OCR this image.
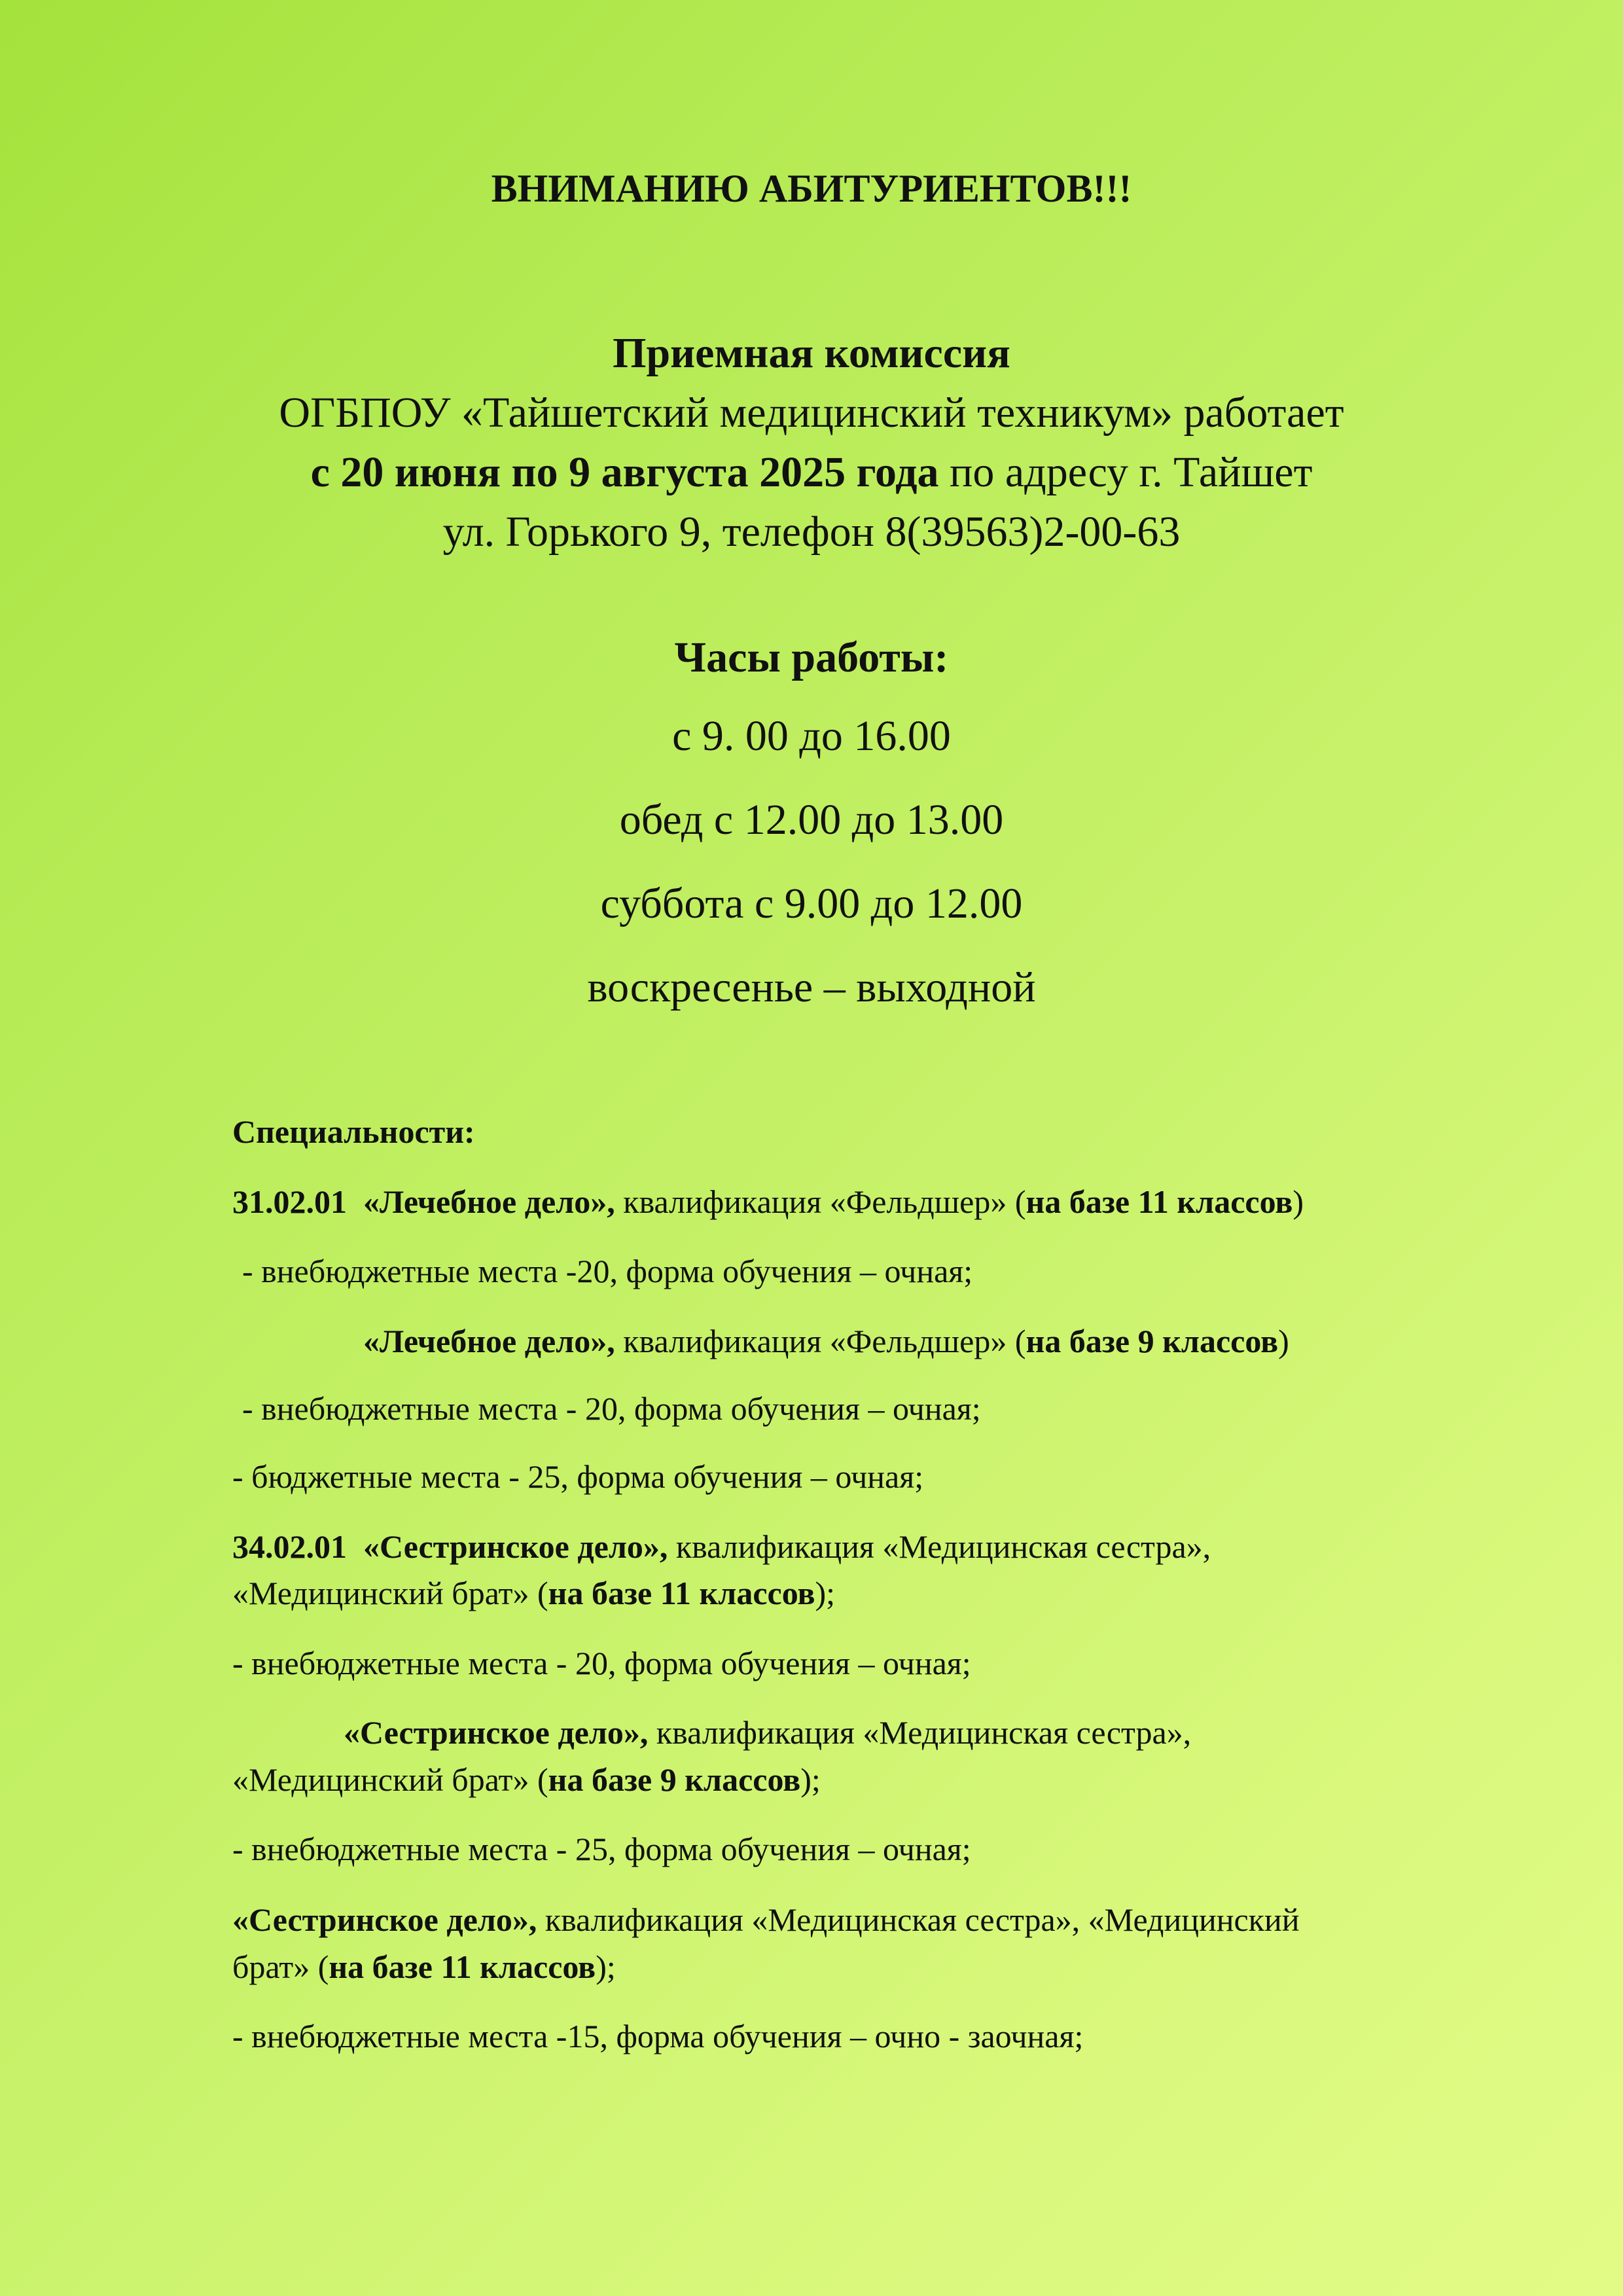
ВНИМАНИЮ АБИТУРИЕНТОВ!!!
Приемная комиссия
ОГБПОУ «Тайшетский медицинский техникум» работает
с 20 июня по 9 августа 2025 года по адресу г. Тайшет
ул. Горького 9, телефон 8(39563)2-00-63
Часы работы:
с 9. 00 до 16.00
обед с 12.00 до 13.00
суббота с 9.00 до 12.00
воскресенье – выходной
Специальности:
31.02.01 «Лечебное дело», квалификация «Фельдшер» (на базе 11 классов)
- внебюджетные места -20, форма обучения – очная;
«Лечебное дело», квалификация «Фельдшер» (на базе 9 классов)
- внебюджетные места - 20, форма обучения – очная;
- бюджетные места - 25, форма обучения – очная;
34.02.01 «Сестринское дело», квалификация «Медицинская сестра»,
«Медицинский брат» (на базе 11 классов);
- внебюджетные места - 20, форма обучения – очная;
«Сестринское дело», квалификация «Медицинская сестра»,
«Медицинский брат» (на базе 9 классов);
- внебюджетные места - 25, форма обучения – очная;
«Сестринское дело», квалификация «Медицинская сестра», «Медицинский
брат» (на базе 11 классов);
- внебюджетные места -15, форма обучения – очно - заочная;
